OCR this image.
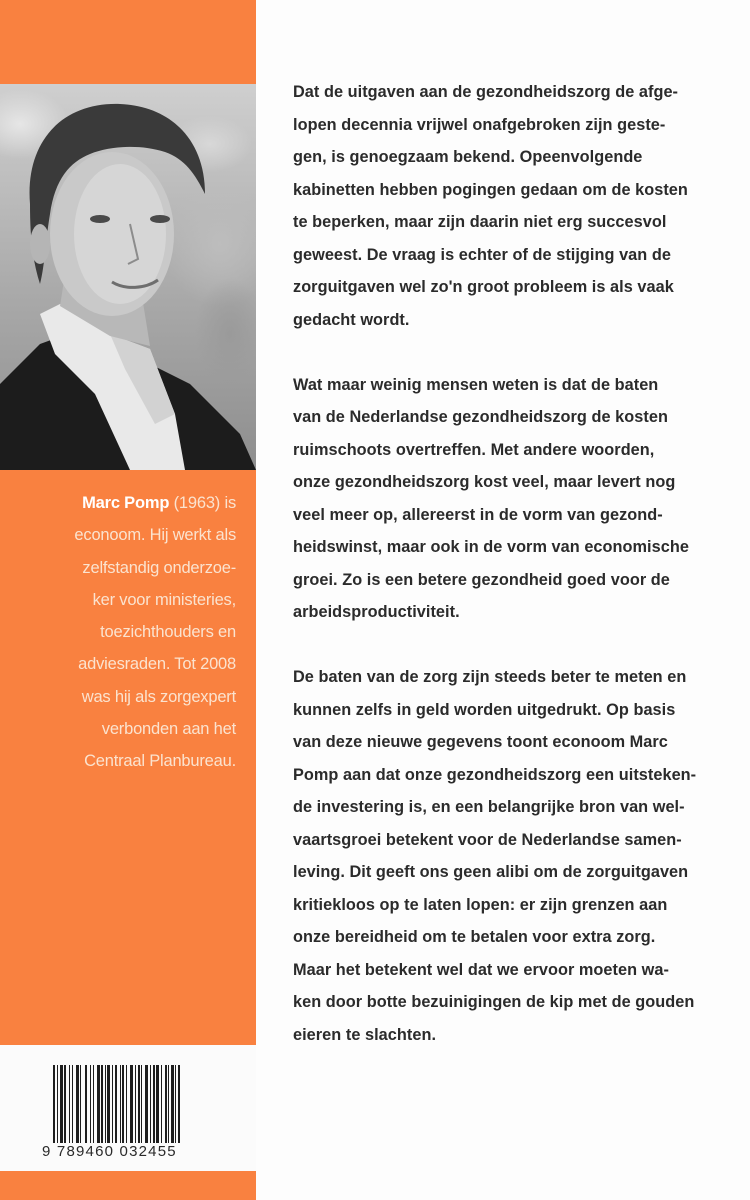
Marc Pomp (1963) is
econoom. Hij werkt als
zelfstandig onderzoe-
ker voor ministeries,
toezichthouders en
adviesraden. Tot 2008
was hij als zorgexpert
verbonden aan het
Centraal Planbureau.
9 789460 032455
Dat de uitgaven aan de gezondheidszorg de afge-
lopen decennia vrijwel onafgebroken zijn geste-
gen, is genoegzaam bekend. Opeenvolgende
kabinetten hebben pogingen gedaan om de kosten
te beperken, maar zijn daarin niet erg succesvol
geweest. De vraag is echter of de stijging van de
zorguitgaven wel zo'n groot probleem is als vaak
gedacht wordt.
Wat maar weinig mensen weten is dat de baten
van de Nederlandse gezondheidszorg de kosten
ruimschoots overtreffen. Met andere woorden,
onze gezondheidszorg kost veel, maar levert nog
veel meer op, allereerst in de vorm van gezond-
heidswinst, maar ook in de vorm van economische
groei. Zo is een betere gezondheid goed voor de
arbeidsproductiviteit.
De baten van de zorg zijn steeds beter te meten en
kunnen zelfs in geld worden uitgedrukt. Op basis
van deze nieuwe gegevens toont econoom Marc
Pomp aan dat onze gezondheidszorg een uitsteken-
de investering is, en een belangrijke bron van wel-
vaartsgroei betekent voor de Nederlandse samen-
leving. Dit geeft ons geen alibi om de zorguitgaven
kritiekloos op te laten lopen: er zijn grenzen aan
onze bereidheid om te betalen voor extra zorg.
Maar het betekent wel dat we ervoor moeten wa-
ken door botte bezuinigingen de kip met de gouden
eieren te slachten.
